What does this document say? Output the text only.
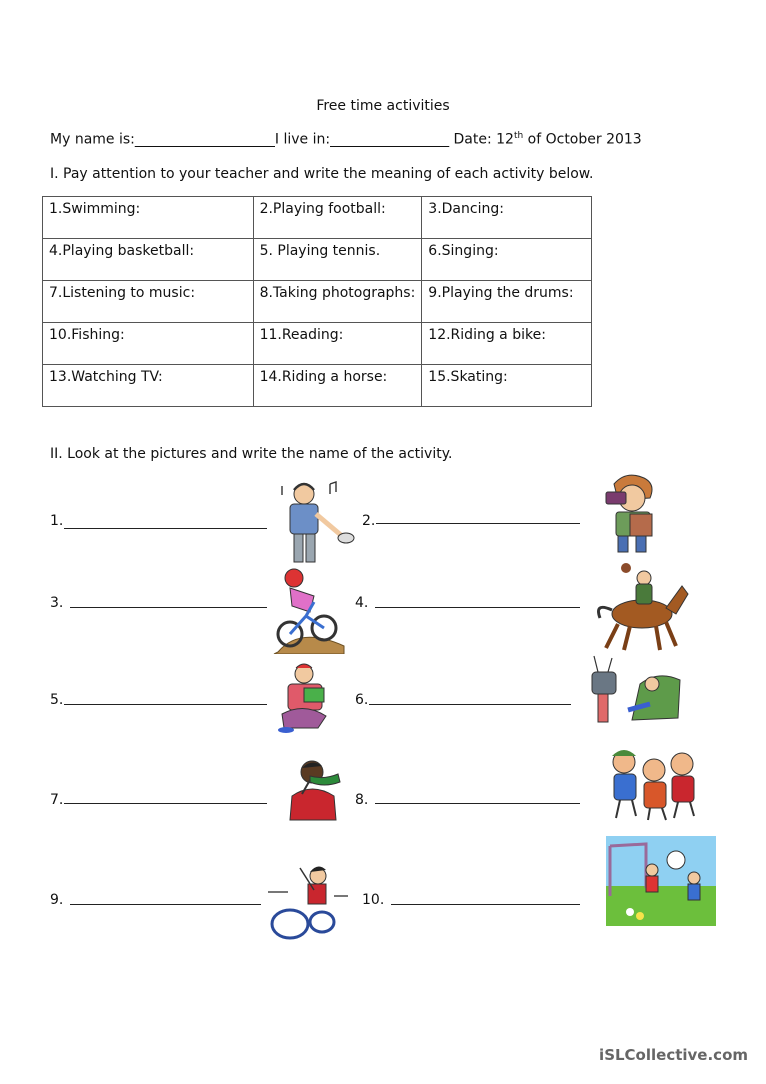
Free time activities
My name is:____________________I live in:_________________ Date: 12th of October 2013
I. Pay attention to your teacher and write the meaning of each activity below.
1.Swimming:	2.Playing football:	3.Dancing:
4.Playing basketball:	5. Playing tennis.	6.Singing:
7.Listening to music:	8.Taking photographs:	9.Playing the drums:
10.Fishing:	11.Reading:	12.Riding a bike:
13.Watching TV:	14.Riding a horse:	15.Skating:
II. Look at the pictures and write the name of the activity.
1.	2.
3.	4.
5.	6.
7.	8.
9.	10.
iSLCollective.com
